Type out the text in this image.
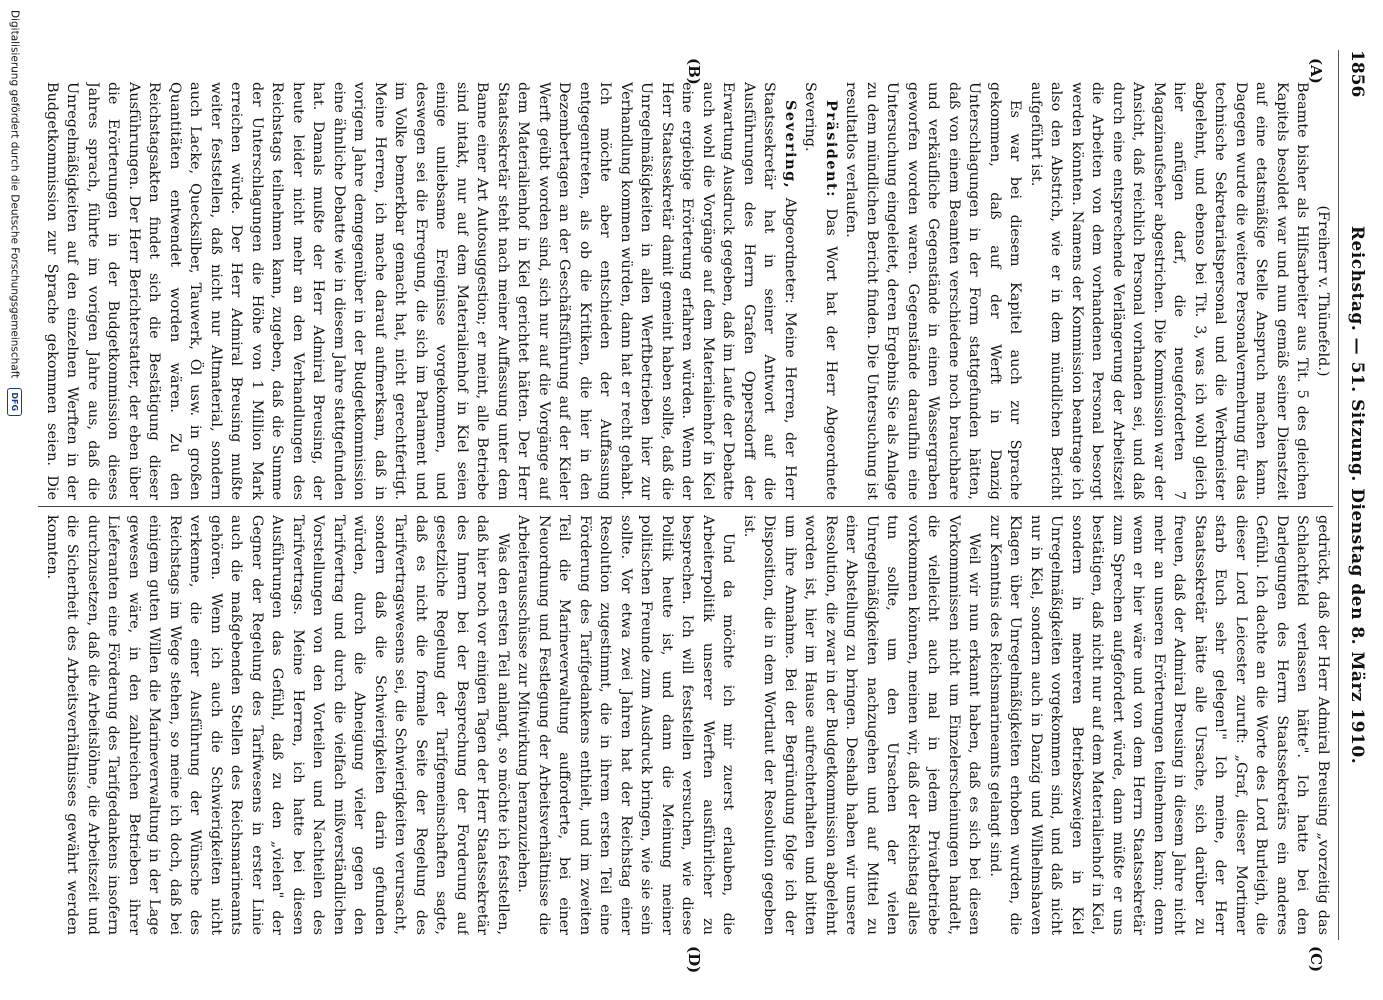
1856
Reichstag. — 51. Sitzung. Dienstag den 8. März 1910.
(A)
(B)
(C)
(D)

(Freiherr v. Thünefeld.)

Beamte bisher als Hilfsarbeiter aus Tit. 5 des gleichen Kapitels besoldet war und nun gemäß seiner Dienstzeit auf eine etatsmäßige Stelle Anspruch machen kann. Dagegen wurde die weitere Personalvermehrung für das technische Sekretariatspersonal und die Werkmeister abgelehnt, und ebenso bei Tit. 3, was ich wohl gleich hier anfügen darf, die neugeforderten 7 Magazinaufseher abgestrichen. Die Kommission war der Ansicht, daß reichlich Personal vorhanden sei, und daß durch eine entsprechende Verlängerung der Arbeitszeit die Arbeiten von dem vorhandenen Personal besorgt werden könnten. Namens der Kommission beantrage ich also den Abstrich, wie er in dem mündlichen Bericht aufgeführt ist.

Es war bei diesem Kapitel auch zur Sprache gekommen, daß auf der Werft in Danzig Unterschlagungen in der Form stattgefunden hätten, daß von einem Beamten verschiedene noch brauchbare und verkäufliche Gegenstände in einen Wassergraben geworfen worden waren. Gegenstände daraufhin eine Untersuchung eingeleitet, deren Ergebnis Sie als Anlage zu dem mündlichen Bericht finden. Die Untersuchung ist resultatlos verlaufen.

Präsident: Das Wort hat der Herr Abgeordnete Severing.

Severing, Abgeordneter: Meine Herren, der Herr Staatssekretär hat in seiner Antwort auf die Ausführungen des Herrn Grafen Oppersdorff der Erwartung Ausdruck gegeben, daß im Laufe der Debatte auch wohl die Vorgänge auf dem Materialienhof in Kiel eine ergiebige Erörterung erfahren würden. Wenn der Herr Staatssekretär damit gemeint haben sollte, daß die Unregelmäßigkeiten in allen Werftbetrieben hier zur Verhandlung kommen würden, dann hat er recht gehabt. Ich möchte aber entschieden der Auffassung entgegentreten, als ob die Kritiken, die hier in den Dezembertagen an der Geschäftsführung auf der Kieler Werft geübt worden sind, sich nur auf die Vorgänge auf dem Materialienhof in Kiel gerichtet hätten. Der Herr Staatssekretär steht nach meiner Auffassung unter dem Banne einer Art Autosuggestion; er meint, alle Betriebe sind intakt, nur auf dem Materialienhof in Kiel seien einige unliebsame Ereignisse vorgekommen, und deswegen sei die Erregung, die sich im Parlament und im Volke bemerkbar gemacht hat, nicht gerechtfertigt. Meine Herren, ich mache darauf aufmerksam, daß in vorigem Jahre demgegenüber in der Budgetkommission eine ähnliche Debatte wie in diesem Jahre stattgefunden hat. Damals mußte der Herr Admiral Breusing, der heute leider nicht mehr an den Verhandlungen des Reichstags teilnehmen kann, zugeben, daß die Summe der Unterschlagungen die Höhe von 1 Million Mark erreichen würde. Der Herr Admiral Breusing mußte weiter feststellen, daß nicht nur Altmaterial, sondern auch Lacke, Quecksilber, Tauwerk, Öl usw. in großen Quantitäten entwendet worden wären. Zu den Reichstagsakten findet sich die Bestätigung dieser Ausführungen. Der Herr Berichterstatter, der eben über die Erörterungen in der Budgetkommission dieses Jahres sprach, führte im vorigen Jahre aus, daß die Unregelmäßigkeiten auf den einzelnen Werften in der Budgetkommission zur Sprache gekommen seien. Die

gedrückt, daß der Herr Admiral Breusing „vorzeitig das Schlachtfeld verlassen hätte". Ich hatte bei den Darlegungen des Herrn Staatssekretärs ein anderes Gefühl. Ich dachte an die Worte des Lord Burleigh, die dieser Lord Leicester zuruft: „Graf, dieser Mortimer starb Euch sehr gelegen!" Ich meine, der Herr Staatssekretär hätte alle Ursache, sich darüber zu freuen, daß der Admiral Breusing in diesem Jahre nicht mehr an unseren Erörterungen teilnehmen kann; denn wenn er hier wäre und von dem Herrn Staatssekretär zum Sprechen aufgefordert würde, dann müßte er uns bestätigen, daß nicht nur auf dem Materialienhof in Kiel, sondern in mehreren Betriebszweigen in Kiel Unregelmäßigkeiten vorgekommen sind, und daß nicht nur in Kiel, sondern auch in Danzig und Wilhelmshaven Klagen über Unregelmäßigkeiten erhoben wurden, die zur Kenntnis des Reichsmarineamts gelangt sind.

Weil wir nun erkannt haben, daß es sich bei diesen Vorkommnissen nicht um Einzelerscheinungen handelt, die vielleicht auch mal in jedem Privatbetriebe vorkommen können, meinen wir, daß der Reichstag alles tun sollte, um den Ursachen der vielen Unregelmäßigkeiten nachzugehen und auf Mittel zu einer Abstellung zu bringen. Deshalb haben wir unsere Resolution, die zwar in der Budgetkommission abgelehnt worden ist, hier im Hause aufrechterhalten und bitten um ihre Annahme. Bei der Begründung folge ich der Disposition, die in dem Wortlaut der Resolution gegeben ist.

Und da möchte ich mir zuerst erlauben, die Arbeiterpolitik unserer Werften ausführlicher zu besprechen. Ich will feststellen versuchen, wie diese Politik heute ist, und dann die Meinung meiner politischen Freunde zum Ausdruck bringen, wie sie sein sollte. Vor etwa zwei Jahren hat der Reichstag einer Resolution zugestimmt, die in ihrem ersten Teil eine Förderung des Tarifgedankens enthielt, und im zweiten Teil die Marineverwaltung aufforderte, bei einer Neuordnung und Festlegung der Arbeitsverhältnisse die Arbeiterausschüsse zur Mitwirkung heranzuziehen.

Was den ersten Teil anlangt, so möchte ich feststellen, daß hier noch vor einigen Tagen der Herr Staatssekretär des Innern bei der Besprechung der Forderung auf gesetzliche Regelung der Tarifgemeinschaften sagte, daß es nicht die formale Seite der Regelung des Tarifvertragswesens sei, die Schwierigkeiten verursacht, sondern daß die Schwierigkeiten darin gefunden würden, durch die Abneigung vieler gegen den Tarifvertrag und durch die vielfach mißverständlichen Vorstellungen von den Vorteilen und Nachteilen des Tarifvertrags. Meine Herren, ich hatte bei diesen Ausführungen das Gefühl, daß zu den „vielen" der Gegner der Regelung des Tarifwesens in erster Linie auch die maßgebenden Stellen des Reichsmarineamts gehören. Wenn ich auch die Schwierigkeiten nicht verkenne, die einer Ausführung der Wünsche des Reichstags im Wege stehen, so meine ich doch, daß bei einigem guten Willen die Marineverwaltung in der Lage gewesen wäre, in den zahlreichen Betrieben ihrer Lieferanten eine Förderung des Tarifgedankens insofern durchzusetzen, daß die Arbeitslöhne, die Arbeitszeit und die Sicherheit des Arbeitsverhältnisses gewährt werden konnten.

Digitalisierung gefördert durch die Deutsche Forschungsgemeinschaft DFG
